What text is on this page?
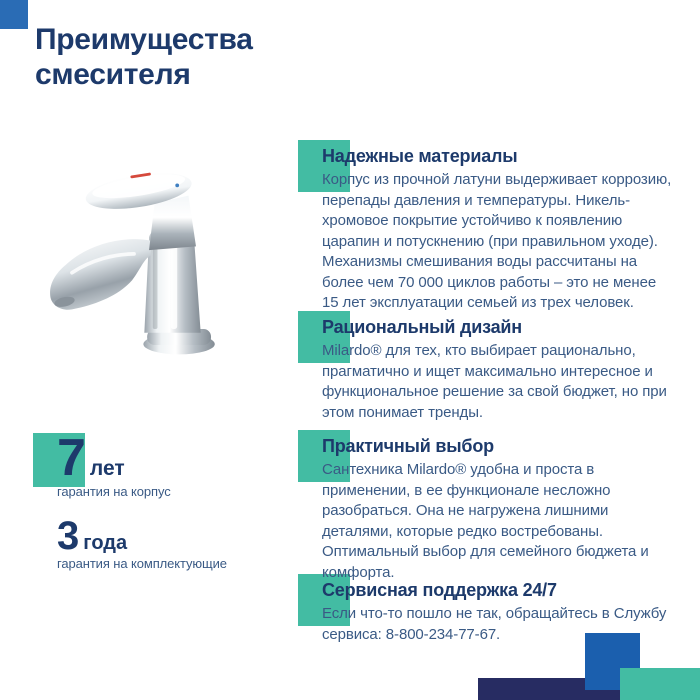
Преимущества
смесителя
7 лет
гарантия на корпус
3 года
гарантия на комплектующие
Надежные материалы

Корпус из прочной латуни выдерживает коррозию, перепады давления и температуры. Никель-хромовое покрытие устойчиво к появлению царапин и потускнению (при правильном уходе). Механизмы смешивания воды рассчитаны на более чем 70 000 циклов работы – это не менее 15 лет эксплуатации семьей из трех человек.

Рациональный дизайн

Milardo® для тех, кто выбирает рационально, прагматично и ищет максимально интересное и функциональное решение за свой бюджет, но при этом понимает тренды.

Практичный выбор

Сантехника Milardo® удобна и проста в применении, в ее функционале несложно разобраться. Она не нагружена лишними деталями, которые редко востребованы. Оптимальный выбор для семейного бюджета и комфорта.

Сервисная поддержка 24/7

Если что-то пошло не так, обращайтесь в Службу сервиса: 8-800-234-77-67.
